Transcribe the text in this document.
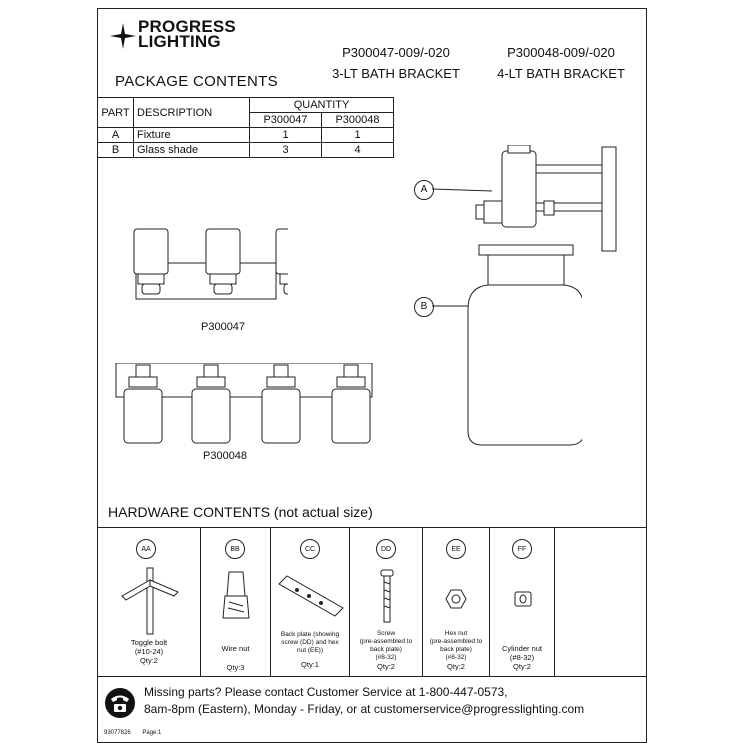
PROGRESS
LIGHTING
P300047-009/-020
3-LT BATH BRACKET
P300048-009/-020
4-LT BATH BRACKET
PACKAGE CONTENTS
PART	DESCRIPTION	QUANTITY	
		P300047	P300048
A	Fixture	1	1
B	Glass shade	3	4
P300047
P300048
A
B
HARDWARE CONTENTS (not actual size)
AA
Toggle bolt
(#10-24)
Qty:2
BB
Wire nut
Qty:3
CC
Back plate (showing
screw (DD) and hex
nut (EE))
Qty:1
DD
Screw
(pre-assembled to
back plate)
(#8-32)
Qty:2
EE
Hex nut
(pre-assembled to
back plate)
(#8-32)
Qty:2
FF
Cylinder nut
(#8-32)
Qty:2
Missing parts? Please contact Customer Service at 1-800-447-0573,
8am-8pm (Eastern), Monday - Friday, or at customerservice@progresslighting.com
93077826 Page:1
